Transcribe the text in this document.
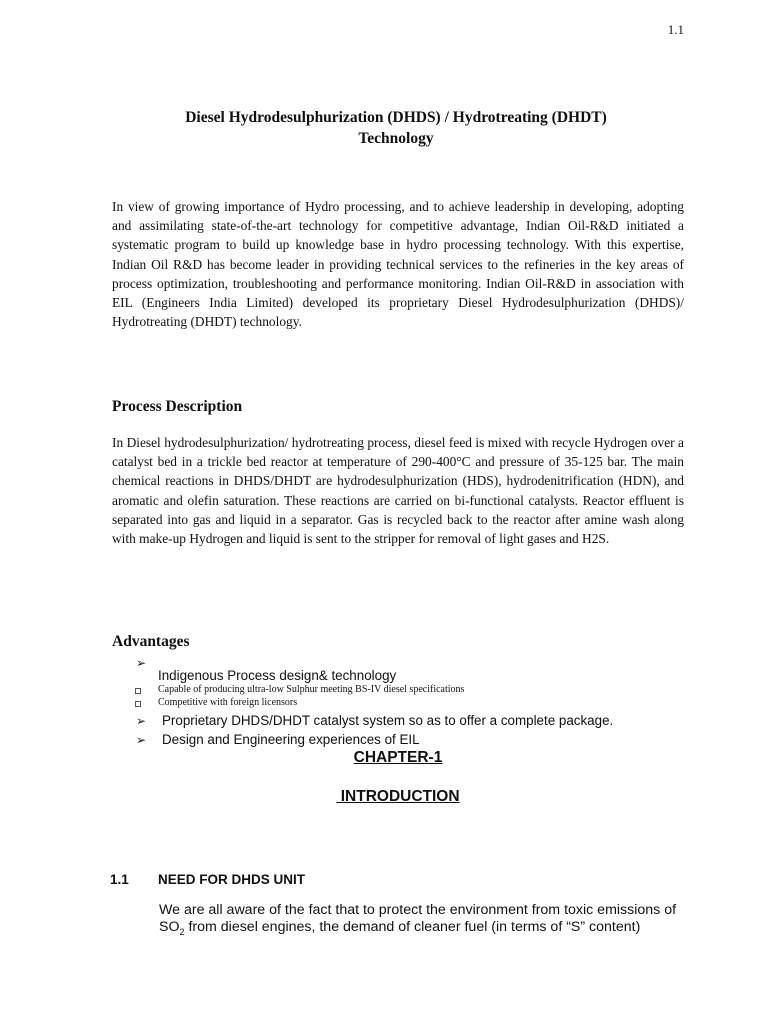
1.1
Diesel Hydrodesulphurization (DHDS) / Hydrotreating (DHDT)
Technology
In view of growing importance of Hydro processing, and to achieve leadership in developing, adopting and assimilating state-of-the-art technology for competitive advantage, Indian Oil-R&D initiated a systematic program to build up knowledge base in hydro processing technology. With this expertise, Indian Oil R&D has become leader in providing technical services to the refineries in the key areas of process optimization, troubleshooting and performance monitoring. Indian Oil-R&D in association with EIL (Engineers India Limited) developed its proprietary Diesel Hydrodesulphurization (DHDS)/ Hydrotreating (DHDT) technology.
Process Description
In Diesel hydrodesulphurization/ hydrotreating process, diesel feed is mixed with recycle Hydrogen over a catalyst bed in a trickle bed reactor at temperature of 290-400°C and pressure of 35-125 bar. The main chemical reactions in DHDS/DHDT are hydrodesulphurization (HDS), hydrodenitrification (HDN), and aromatic and olefin saturation. These reactions are carried on bi-functional catalysts. Reactor effluent is separated into gas and liquid in a separator. Gas is recycled back to the reactor after amine wash along with make-up Hydrogen and liquid is sent to the stripper for removal of light gases and H2S.
Advantages
➢
Indigenous Process design& technology
Capable of producing ultra-low Sulphur meeting BS-IV diesel specifications
Competitive with foreign licensors
➢ Proprietary DHDS/DHDT catalyst system so as to offer a complete package.
➢ Design and Engineering experiences of EIL
CHAPTER-1
INTRODUCTION
1.1 NEED FOR DHDS UNIT
We are all aware of the fact that to protect the environment from toxic emissions of $SO_2$ from diesel engines, the demand of cleaner fuel (in terms of “S” content)
